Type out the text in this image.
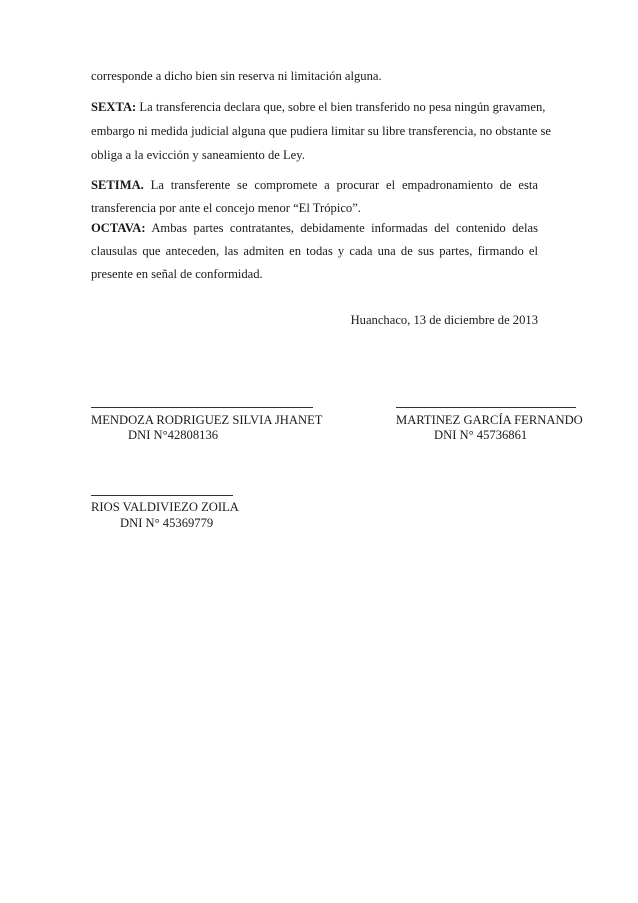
corresponde a dicho bien sin reserva ni limitación alguna.
SEXTA: La transferencia declara que, sobre el bien transferido no pesa ningún gravamen,
embargo ni medida judicial alguna que pudiera limitar su libre transferencia, no obstante se
obliga a la evicción y saneamiento de Ley.
SETIMA. La transferente se compromete a procurar el empadronamiento de esta
transferencia por ante el concejo menor “El Trópico”.
OCTAVA: Ambas partes contratantes, debidamente informadas del contenido delas
clausulas que anteceden, las admiten en todas y cada una de sus partes, firmando el
presente en señal de conformidad.
Huanchaco, 13 de diciembre de 2013
MENDOZA RODRIGUEZ SILVIA JHANET
DNI N°42808136
MARTINEZ GARCÍA FERNANDO
DNI N° 45736861
RIOS VALDIVIEZO ZOILA
DNI N° 45369779
